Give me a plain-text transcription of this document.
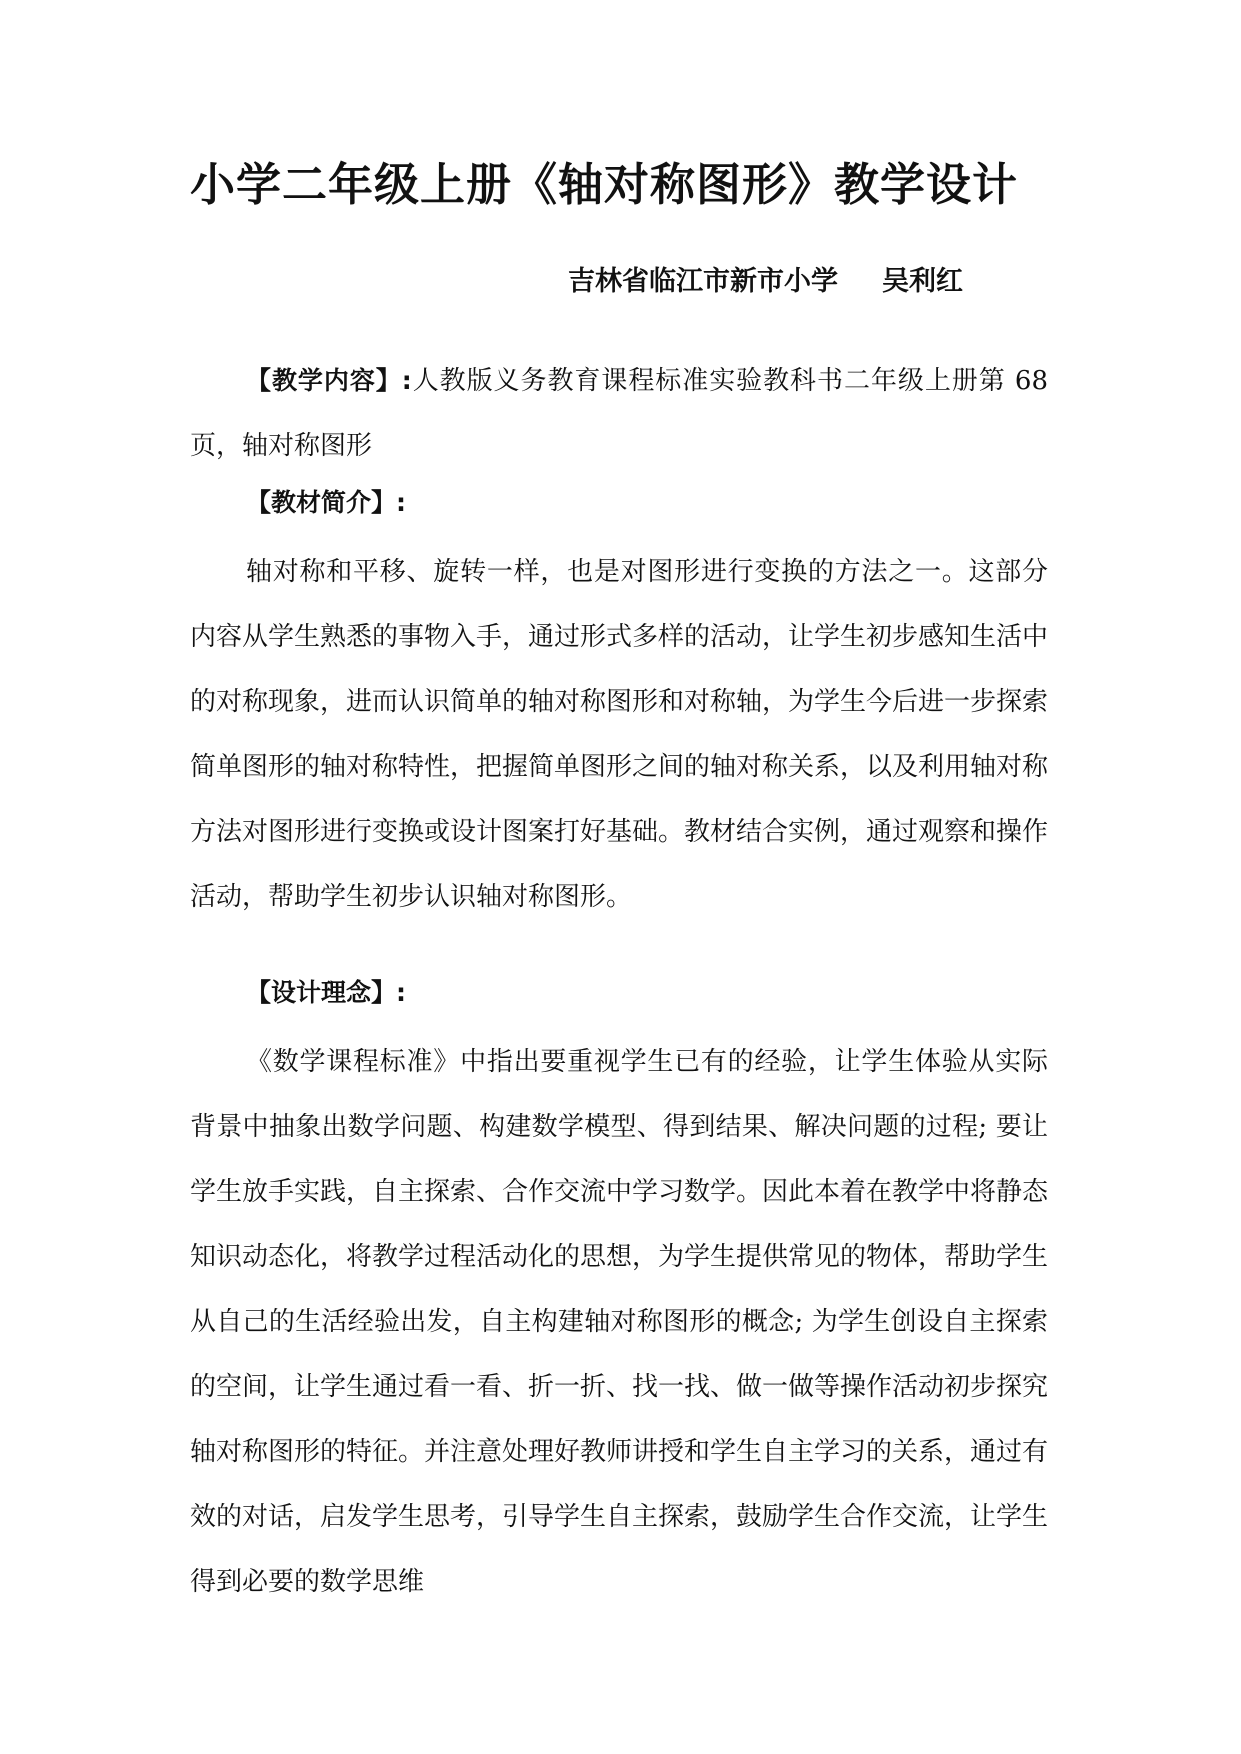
小学二年级上册《轴对称图形》教学设计

吉林省临江市新市小学 吴利红

【教学内容】:人教版义务教育课程标准实验教科书二年级上册第 68 页，轴对称图形

【教材简介】:

轴对称和平移、旋转一样，也是对图形进行变换的方法之一。这部分内容从学生熟悉的事物入手，通过形式多样的活动，让学生初步感知生活中的对称现象，进而认识简单的轴对称图形和对称轴，为学生今后进一步探索简单图形的轴对称特性，把握简单图形之间的轴对称关系，以及利用轴对称方法对图形进行变换或设计图案打好基础。教材结合实例，通过观察和操作活动，帮助学生初步认识轴对称图形。

【设计理念】:

《数学课程标准》中指出要重视学生已有的经验，让学生体验从实际背景中抽象出数学问题、构建数学模型、得到结果、解决问题的过程; 要让学生放手实践，自主探索、合作交流中学习数学。因此本着在教学中将静态知识动态化，将教学过程活动化的思想，为学生提供常见的物体，帮助学生从自己的生活经验出发，自主构建轴对称图形的概念; 为学生创设自主探索的空间，让学生通过看一看、折一折、找一找、做一做等操作活动初步探究轴对称图形的特征。并注意处理好教师讲授和学生自主学习的关系，通过有效的对话，启发学生思考，引导学生自主探索，鼓励学生合作交流，让学生得到必要的数学思维
